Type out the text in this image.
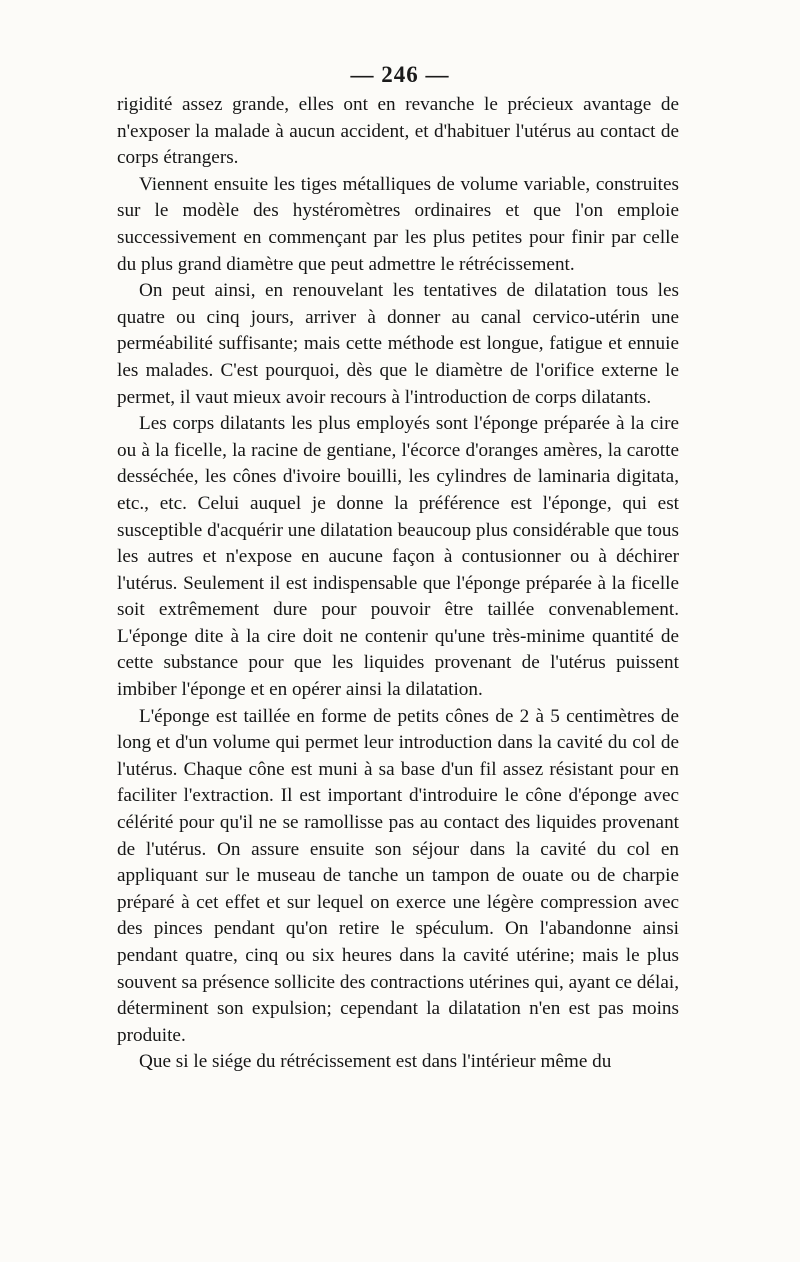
— 246 —

rigidité assez grande, elles ont en revanche le précieux avantage de n'exposer la malade à aucun accident, et d'habituer l'utérus au contact de corps étrangers.

Viennent ensuite les tiges métalliques de volume variable, construites sur le modèle des hystéromètres ordinaires et que l'on emploie successivement en commençant par les plus petites pour finir par celle du plus grand diamètre que peut admettre le rétrécissement.

On peut ainsi, en renouvelant les tentatives de dilatation tous les quatre ou cinq jours, arriver à donner au canal cervico-utérin une perméabilité suffisante; mais cette méthode est longue, fatigue et ennuie les malades. C'est pourquoi, dès que le diamètre de l'orifice externe le permet, il vaut mieux avoir recours à l'introduction de corps dilatants.

Les corps dilatants les plus employés sont l'éponge préparée à la cire ou à la ficelle, la racine de gentiane, l'écorce d'oranges amères, la carotte desséchée, les cônes d'ivoire bouilli, les cylindres de laminaria digitata, etc., etc. Celui auquel je donne la préférence est l'éponge, qui est susceptible d'acquérir une dilatation beaucoup plus considérable que tous les autres et n'expose en aucune façon à contusionner ou à déchirer l'utérus. Seulement il est indispensable que l'éponge préparée à la ficelle soit extrêmement dure pour pouvoir être taillée convenablement. L'éponge dite à la cire doit ne contenir qu'une très-minime quantité de cette substance pour que les liquides provenant de l'utérus puissent imbiber l'éponge et en opérer ainsi la dilatation.

L'éponge est taillée en forme de petits cônes de 2 à 5 centimètres de long et d'un volume qui permet leur introduction dans la cavité du col de l'utérus. Chaque cône est muni à sa base d'un fil assez résistant pour en faciliter l'extraction. Il est important d'introduire le cône d'éponge avec célérité pour qu'il ne se ramollisse pas au contact des liquides provenant de l'utérus. On assure ensuite son séjour dans la cavité du col en appliquant sur le museau de tanche un tampon de ouate ou de charpie préparé à cet effet et sur lequel on exerce une légère compression avec des pinces pendant qu'on retire le spéculum. On l'abandonne ainsi pendant quatre, cinq ou six heures dans la cavité utérine; mais le plus souvent sa présence sollicite des contractions utérines qui, ayant ce délai, déterminent son expulsion; cependant la dilatation n'en est pas moins produite.

Que si le siége du rétrécissement est dans l'intérieur même du
